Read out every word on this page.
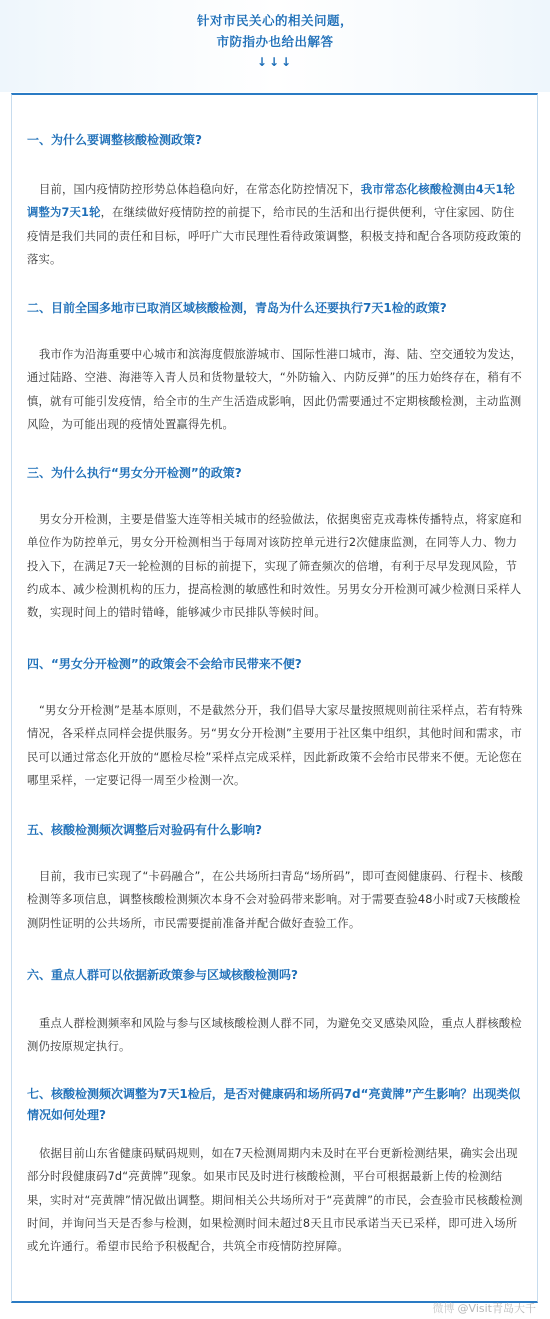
针对市民关心的相关问题，
市防指办也给出解答
↓↓↓

一、为什么要调整核酸检测政策?

目前，国内疫情防控形势总体趋稳向好，在常态化防控情况下，我市常态化核酸检测由4天1轮调整为7天1轮，在继续做好疫情防控的前提下，给市民的生活和出行提供便利，守住家园、防住疫情是我们共同的责任和目标，呼吁广大市民理性看待政策调整，积极支持和配合各项防疫政策的落实。

二、目前全国多地市已取消区域核酸检测，青岛为什么还要执行7天1检的政策?

我市作为沿海重要中心城市和滨海度假旅游城市、国际性港口城市，海、陆、空交通较为发达，通过陆路、空港、海港等入青人员和货物量较大，“外防输入、内防反弹”的压力始终存在，稍有不慎，就有可能引发疫情，给全市的生产生活造成影响，因此仍需要通过不定期核酸检测，主动监测风险，为可能出现的疫情处置赢得先机。

三、为什么执行“男女分开检测”的政策?

男女分开检测，主要是借鉴大连等相关城市的经验做法，依据奥密克戎毒株传播特点，将家庭和单位作为防控单元，男女分开检测相当于每周对该防控单元进行2次健康监测，在同等人力、物力投入下，在满足7天一轮检测的目标的前提下，实现了筛查频次的倍增，有利于尽早发现风险，节约成本、减少检测机构的压力，提高检测的敏感性和时效性。另男女分开检测可减少检测日采样人数，实现时间上的错时错峰，能够减少市民排队等候时间。

四、“男女分开检测”的政策会不会给市民带来不便?

“男女分开检测”是基本原则，不是截然分开，我们倡导大家尽量按照规则前往采样点，若有特殊情况，各采样点同样会提供服务。另“男女分开检测”主要用于社区集中组织，其他时间和需求，市民可以通过常态化开放的“愿检尽检”采样点完成采样，因此新政策不会给市民带来不便。无论您在哪里采样，一定要记得一周至少检测一次。

五、核酸检测频次调整后对验码有什么影响?

目前，我市已实现了“卡码融合”，在公共场所扫青岛“场所码”，即可查阅健康码、行程卡、核酸检测等多项信息，调整核酸检测频次本身不会对验码带来影响。对于需要查验48小时或7天核酸检测阴性证明的公共场所，市民需要提前准备并配合做好查验工作。

六、重点人群可以依据新政策参与区域核酸检测吗?

重点人群检测频率和风险与参与区域核酸检测人群不同，为避免交叉感染风险，重点人群核酸检测仍按原规定执行。

七、核酸检测频次调整为7天1检后，是否对健康码和场所码7d“亮黄牌”产生影响？出现类似情况如何处理?

依据目前山东省健康码赋码规则，如在7天检测周期内未及时在平台更新检测结果，确实会出现部分时段健康码7d“亮黄牌”现象。如果市民及时进行核酸检测，平台可根据最新上传的检测结果，实时对“亮黄牌”情况做出调整。期间相关公共场所对于“亮黄牌”的市民，会查验市民核酸检测时间，并询问当天是否参与检测，如果检测时间未超过8天且市民承诺当天已采样，即可进入场所或允许通行。希望市民给予积极配合，共筑全市疫情防控屏障。

微博 @Visit青岛大千
